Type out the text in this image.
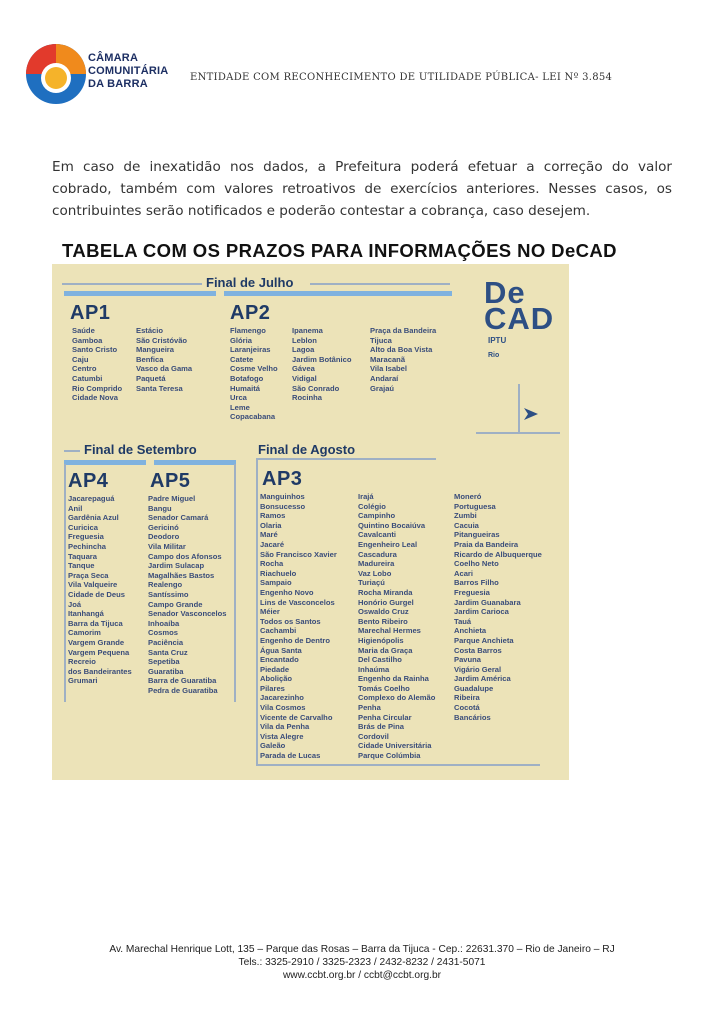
CÂMARA
COMUNITÁRIA
DA BARRA
ENTIDADE COM RECONHECIMENTO DE UTILIDADE PÚBLICA- LEI Nº 3.854
Em caso de inexatidão nos dados, a Prefeitura poderá efetuar a correção do valor cobrado, também com valores retroativos de exercícios anteriores. Nesses casos, os contribuintes serão notificados e poderão contestar a cobrança, caso desejem.
TABELA COM OS PRAZOS PARA INFORMAÇÕES NO DeCAD
Final de Julho
AP1	AP2
Saúde
Gamboa
Santo Cristo
Caju
Centro
Catumbi
Rio Comprido
Cidade Nova
Estácio
São Cristóvão
Mangueira
Benfica
Vasco da Gama
Paquetá
Santa Teresa
Flamengo
Glória
Laranjeiras
Catete
Cosme Velho
Botafogo
Humaitá
Urca
Leme
Copacabana
Ipanema
Leblon
Lagoa
Jardim Botânico
Gávea
Vidigal
São Conrado
Rocinha
Praça da Bandeira
Tijuca
Alto da Boa Vista
Maracanã
Vila Isabel
Andaraí
Grajaú
De
CAD
IPTU
Rio
Final de Setembro
AP4 AP5
Jacarepaguá
Anil
Gardênia Azul
Curicica
Freguesia
Pechincha
Taquara
Tanque
Praça Seca
Vila Valqueire
Cidade de Deus
Joá
Itanhangá
Barra da Tijuca
Camorim
Vargem Grande
Vargem Pequena
Recreio
dos Bandeirantes
Grumari
Padre Miguel
Bangu
Senador Camará
Gericinó
Deodoro
Vila Militar
Campo dos Afonsos
Jardim Sulacap
Magalhães Bastos
Realengo
Santíssimo
Campo Grande
Senador Vasconcelos
Inhoaíba
Cosmos
Paciência
Santa Cruz
Sepetiba
Guaratiba
Barra de Guaratiba
Pedra de Guaratiba
Final de Agosto
AP3
Manguinhos
Bonsucesso
Ramos
Olaria
Maré
Jacaré
São Francisco Xavier
Rocha
Riachuelo
Sampaio
Engenho Novo
Lins de Vasconcelos
Méier
Todos os Santos
Cachambi
Engenho de Dentro
Água Santa
Encantado
Piedade
Abolição
Pilares
Jacarezinho
Vila Cosmos
Vicente de Carvalho
Vila da Penha
Vista Alegre
Galeão
Parada de Lucas
Irajá
Colégio
Campinho
Quintino Bocaiúva
Cavalcanti
Engenheiro Leal
Cascadura
Madureira
Vaz Lobo
Turiaçú
Rocha Miranda
Honório Gurgel
Oswaldo Cruz
Bento Ribeiro
Marechal Hermes
Higienópolis
Maria da Graça
Del Castilho
Inhaúma
Engenho da Rainha
Tomás Coelho
Complexo do Alemão
Penha
Penha Circular
Brás de Pina
Cordovil
Cidade Universitária
Parque Colúmbia
Moneró
Portuguesa
Zumbi
Cacuia
Pitangueiras
Praia da Bandeira
Ricardo de Albuquerque
Coelho Neto
Acari
Barros Filho
Freguesia
Jardim Guanabara
Jardim Carioca
Tauá
Anchieta
Parque Anchieta
Costa Barros
Pavuna
Vigário Geral
Jardim América
Guadalupe
Ribeira
Cocotá
Bancários
Av. Marechal Henrique Lott, 135 – Parque das Rosas – Barra da Tijuca - Cep.: 22631.370 – Rio de Janeiro – RJ
Tels.: 3325-2910 / 3325-2323 / 2432-8232 / 2431-5071
www.ccbt.org.br / ccbt@ccbt.org.br
